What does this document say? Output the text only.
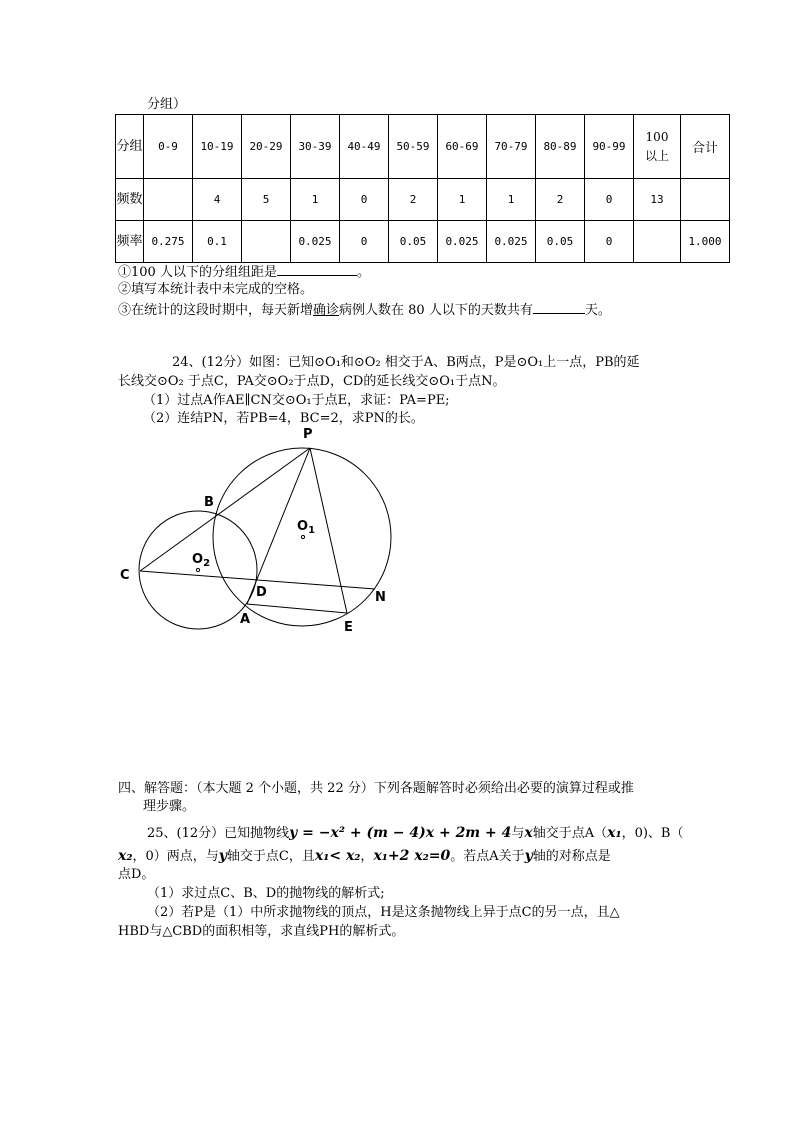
分组）
分组	0-9	10-19	20-29	30-39	40-49	50-59	60-69	70-79	80-89	90-99	100以上	合计
频数		4	5	1	0	2	1	1	2	0	13	
频率	0.275	0.1		0.025	0	0.05	0.025	0.025	0.05	0		1.000
①100 人以下的分组组距是	。
②填写本统计表中未完成的空格。
③在统计的这段时期中，每天新增确诊病例人数在 80 人以下的天数共有	天。
24、(12分）如图：已知⊙O₁和⊙O₂ 相交于A、B两点，P是⊙O₁上一点，PB的延
长线交⊙O₂ 于点C，PA交⊙O₂于点D，CD的延长线交⊙O₁于点N。
（1）过点A作AE∥CN交⊙O₁于点E，求证：PA=PE;
（2）连结PN，若PB=4，BC=2，求PN的长。
P
B
C
D
A
E
N
$O_1$
$O_2$
四、解答题：（本大题 2 个小题，共 22 分）下列各题解答时必须给出必要的演算过程或推
理步骤。
25、(12分）已知抛物线y = −x² + (m − 4)x + 2m + 4与x轴交于点A（x₁，0)、B（
x₂，0）两点，与y轴交于点C，且x₁< x₂，x₁+2 x₂=0。若点A关于y轴的对称点是
点D。
（1）求过点C、B、D的抛物线的解析式;
（2）若P是（1）中所求抛物线的顶点，H是这条抛物线上异于点C的另一点，且△
HBD与△CBD的面积相等，求直线PH的解析式。
